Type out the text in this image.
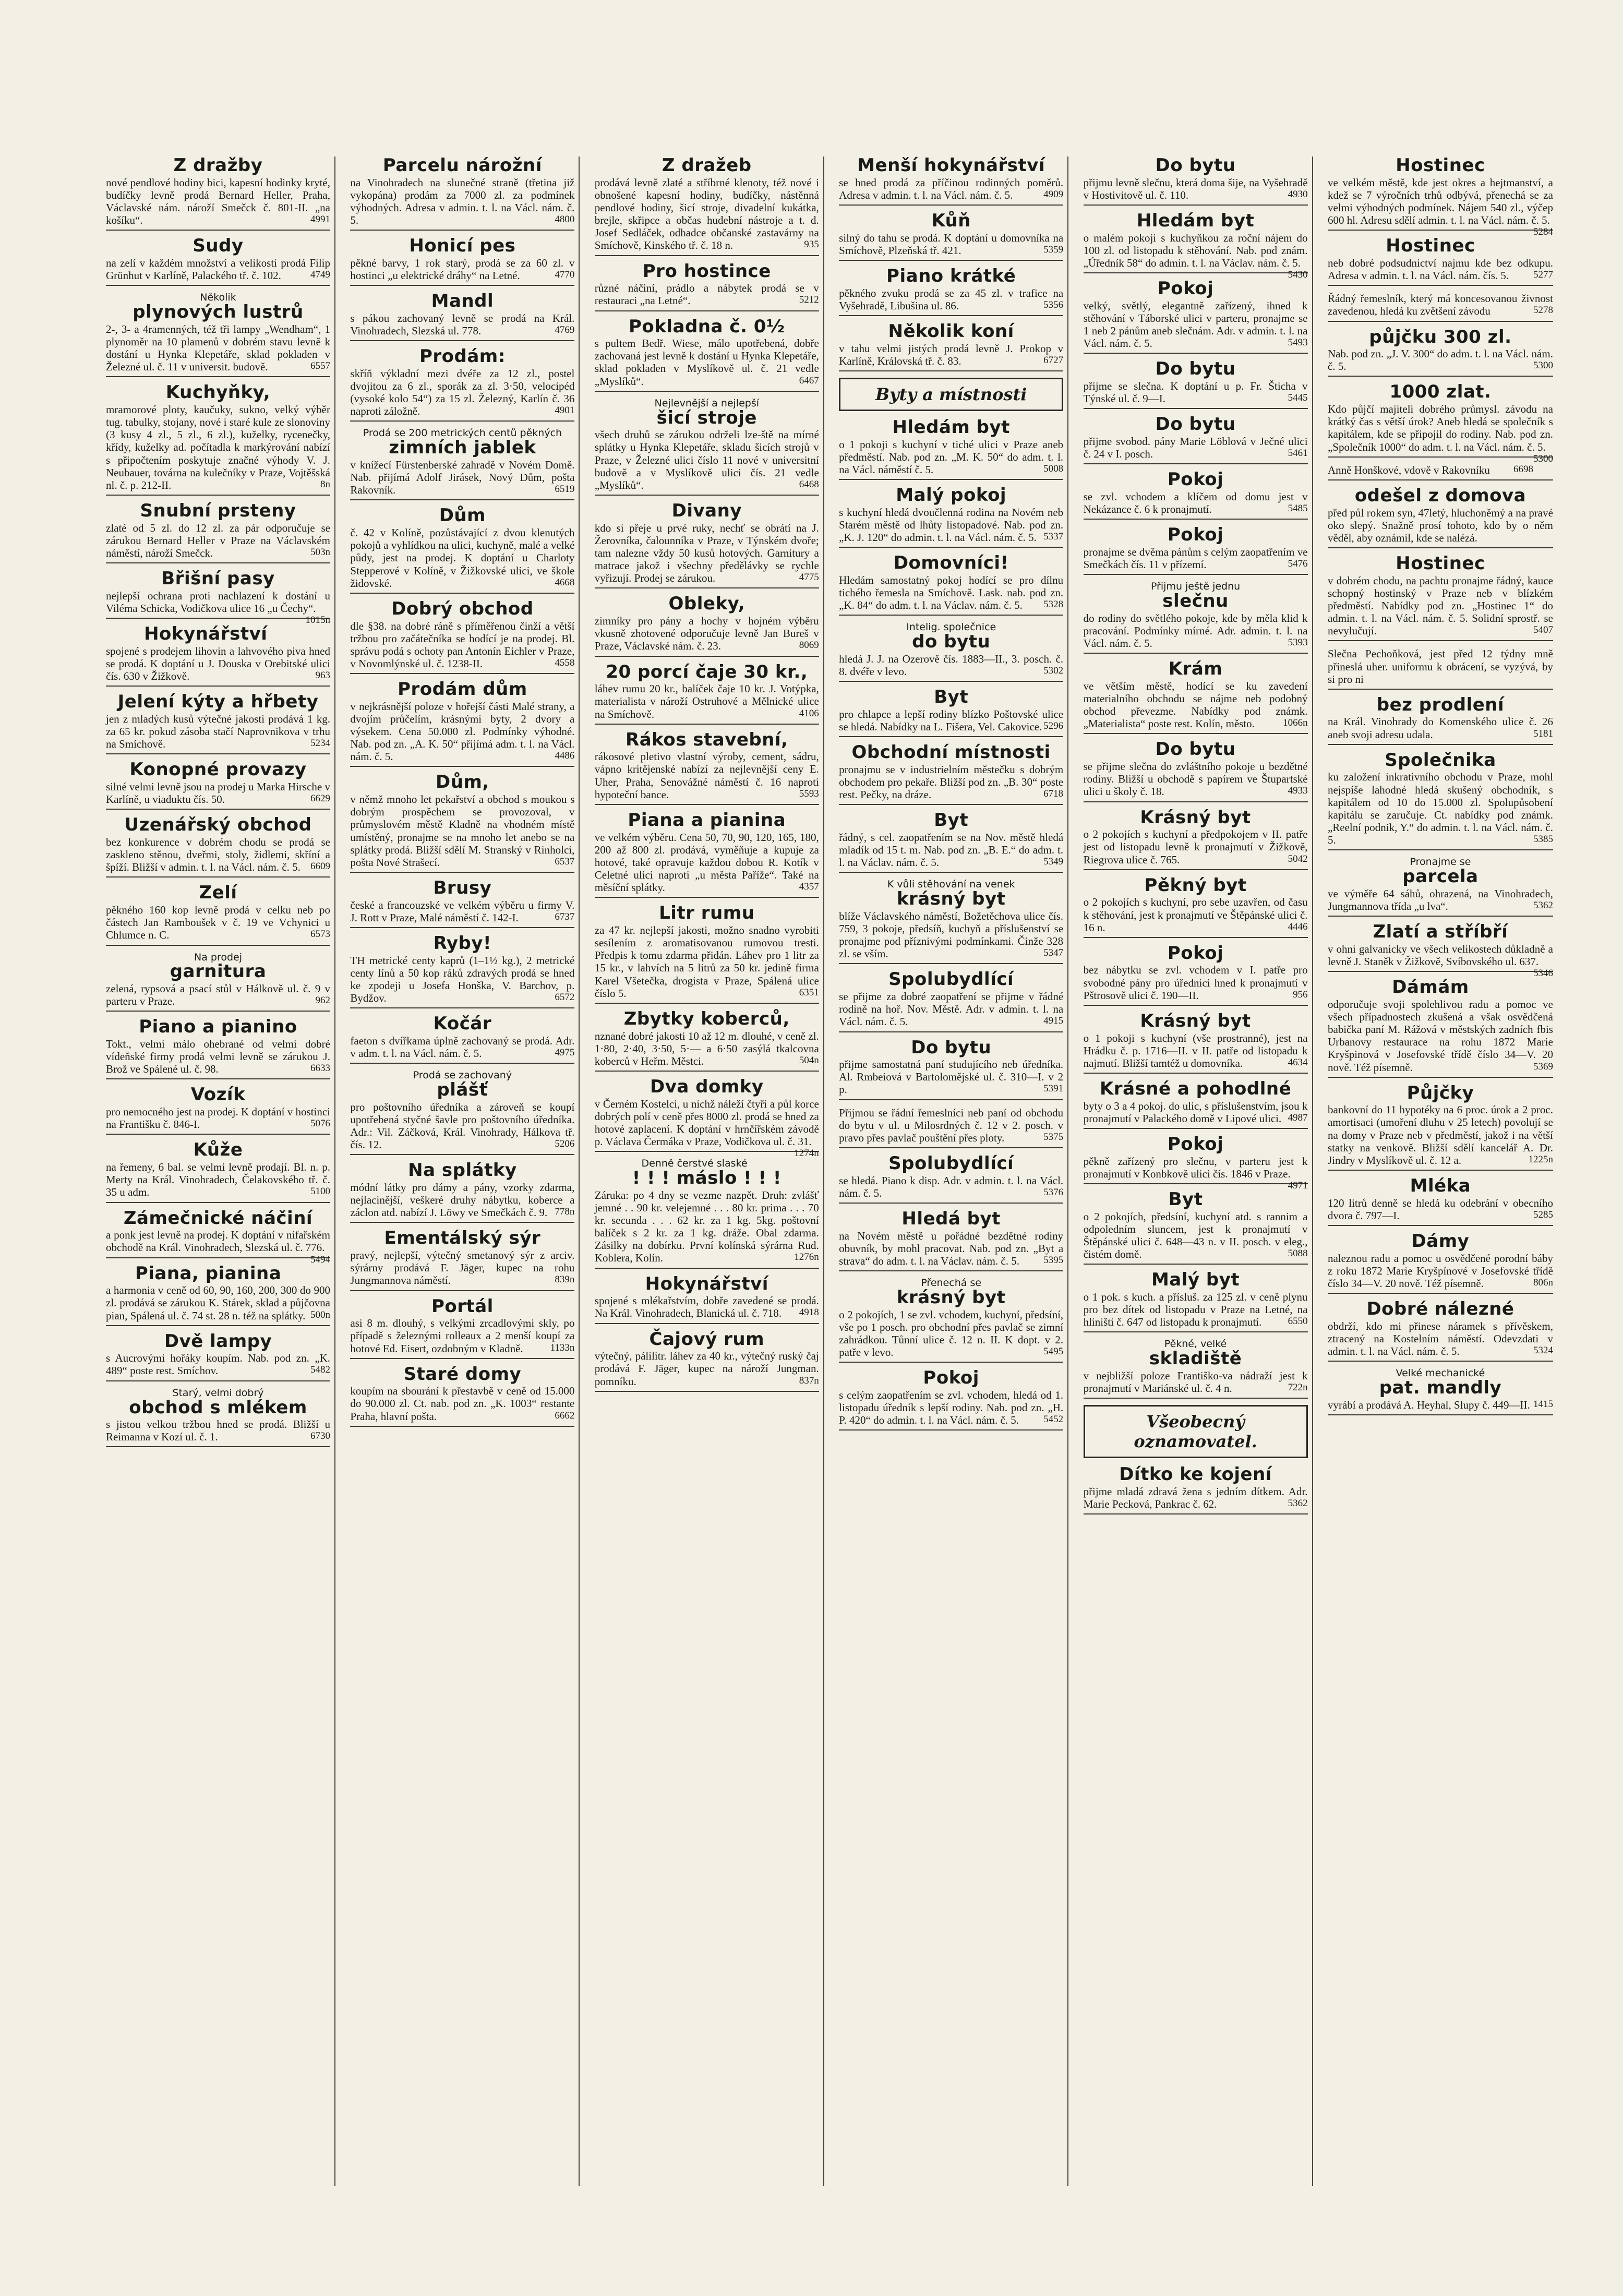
Z dražby

nové pendlové hodiny bici, kapesní hodinky kryté, budíčky levně prodá Bernard Heller, Praha, Václavské nám. nároží Smečck č. 801-II. „na košíku“.	4991

Sudy

na zelí v každém množství a velikosti prodá Filip Grünhut v Karlíně, Palackého tř. č. 102.	4749

Několik
plynových lustrů

2-, 3- a 4ramenných, též tři lampy „Wendham“, 1 plynoměr na 10 plamenů v dobrém stavu levně k dostání u Hynka Klepetáře, sklad pokladen v Železné ul. č. 11 v universit. budově.	6557

Kuchyňky,

mramorové ploty, kaučuky, sukno, velký výběr tug. tabulky, stojany, nové i staré kule ze slonoviny (3 kusy 4 zl., 5 zl., 6 zl.), kuželky, rycenečky, křídy, kuželky ad. počítadla k markýrování nabízí s připočtením poskytuje značné výhody V. J. Neubauer, továrna na kulečníky v Praze, Vojtěšská nl. č. p. 212-II.	8n

Snubní prsteny

zlaté od 5 zl. do 12 zl. za pár odporučuje se zárukou Bernard Heller v Praze na Václavském náměstí, nároží Smečck.	503n

Břišní pasy

nejlepší ochrana proti nachlazení k dostání u Viléma Schicka, Vodičkova ulice 16 „u Čechy“.
1015n

Hokynářství

spojené s prodejem lihovin a lahvového piva hned se prodá. K doptání u J. Douska v Orebitské ulici čís. 630 v Žižkově.	963

Jelení kýty a hřbety

jen z mladých kusů výtečné jakosti prodává 1 kg. za 65 kr. pokud zásoba stačí Naprovnikova v trhu na Smíchově.	5234

Konopné provazy

silné velmi levně jsou na prodej u Marka Hirsche v Karlíně, u viaduktu čís. 50.	6629

Uzenářský obchod

bez konkurence v dobrém chodu se prodá se zaskleno stěnou, dveřmi, stoly, židlemi, skříní a špíží. Bližší v admin. t. l. na Václ. nám. č. 5. 6609

Zelí

pěkného 160 kop levně prodá v celku neb po částech Jan Ramboušek v č. 19 ve Vchynici u Chlumce n. C.	6573

Na prodej
garnitura

zelená, rypsová a psací stůl v Hálkově ul. č. 9 v parteru v Praze.	962

Piano a pianino

Tokt., velmi málo ohebrané od velmi dobré vídeňské firmy prodá velmi levně se zárukou J. Brož ve Spálené ul. č. 98.	6633

Vozík

pro nemocného jest na prodej. K doptání v hostinci na Františku č. 846-I.	5076

Kůže

na řemeny, 6 bal. se velmi levně prodají. Bl. n. p. Merty na Král. Vinohradech, Čelakovského tř. č. 35 u adm.	5100

Zámečnické náčiní

a ponk jest levně na prodej. K doptání v nifařském obchodě na Král. Vinohradech, Slezská ul. č. 776.
5494

Piana, pianina

a harmonia v ceně od 60, 90, 160, 200, 300 do 900 zl. prodává se zárukou K. Stárek, sklad a půjčovna pian, Spálená ul. č. 74 st. 28 n. též na splátky. 500n

Dvě lampy

s Aucrovými hořáky koupím. Nab. pod zn. „K. 489“ poste rest. Smíchov.	5482

Starý, velmi dobrý
obchod s mlékem

s jistou velkou tržbou hned se prodá. Bližší u Reimanna v Kozí ul. č. 1.	6730

Parcelu nárožní

na Vinohradech na slunečné straně (třetina již vykopána) prodám za 7000 zl. za podmínek výhodných. Adresa v admin. t. l. na Václ. nám. č. 5.	4800

Honicí pes

pěkné barvy, 1 rok starý, prodá se za 60 zl. v hostinci „u elektrické dráhy“ na Letné.	4770

Mandl

s pákou zachovaný levně se prodá na Král. Vinohradech, Slezská ul. 778.	4769

Prodám:

skříň výkladní mezi dvéře za 12 zl., postel dvojitou za 6 zl., sporák za zl. 3·50, velocipéd (vysoké kolo 54“) za 15 zl. Železný, Karlín č. 36 naproti záložně.	4901

Prodá se 200 metrických centů pěkných
zimních jablek

v knížecí Fürstenberské zahradě v Novém Domě. Nab. přijímá Adolf Jirásek, Nový Dům, pošta Rakovník.	6519

Dům

č. 42 v Kolíně, pozůstávající z dvou klenutých pokojů a vyhlídkou na ulici, kuchyně, malé a velké půdy, jest na prodej. K doptání u Charloty Stepperové v Kolíně, v Žižkovské ulici, ve škole židovské.	4668

Dobrý obchod

dle §38. na dobré ráně s příměřenou činží a větší tržbou pro začátečníka se hodící je na prodej. Bl. správu podá s ochoty pan Antonín Eichler v Praze, v Novomlýnské ul. č. 1238-II.	4558

Prodám dům

v nejkrásnější poloze v hořejší části Malé strany, a dvojím průčelím, krásnými byty, 2 dvory a výsekem. Cena 50.000 zl. Podmínky výhodné. Nab. pod zn. „A. K. 50“ přijímá adm. t. l. na Václ. nám. č. 5.	4486

Dům,

v němž mnoho let pekařství a obchod s moukou s dobrým prospěchem se provozoval, v průmyslovém městě Kladně na vhodném místě umístěný, pronajme se na mnoho let anebo se na splátky prodá. Bližší sdělí M. Stranský v Rinholci, pošta Nové Strašecí.	6537

Brusy

české a francouzské ve velkém výběru u firmy V. J. Rott v Praze, Malé náměstí č. 142-I.	6737

Ryby!

TH metrické centy kaprů (1–1½ kg.), 2 metrické centy línů a 50 kop ráků zdravých prodá se hned ke zpodeji u Josefa Honška, V. Barchov, p. Bydžov.	6572

Kočár

faeton s dvířkama úplně zachovaný se prodá. Adr. v adm. t. l. na Václ. nám. č. 5.	4975

Prodá se zachovaný
plášť

pro poštovního úředníka a zároveň se koupí upotřebená styčné šavle pro poštovního úředníka. Adr.: Vil. Záčková, Král. Vinohrady, Hálkova tř. čís. 12.	5206

Na splátky

módní látky pro dámy a pány, vzorky zdarma, nejlacinější, veškeré druhy nábytku, koberce a záclon atd. nabízí J. Löwy ve Smečkách č. 9. 778n

Ementálský sýr

pravý, nejlepší, výtečný smetanový sýr z arciv. sýrárny prodává F. Jäger, kupec na rohu Jungmannova náměstí.	839n

Portál

asi 8 m. dlouhý, s velkými zrcadlovými skly, po případě s železnými rolleaux a 2 menší koupí za hotové Ed. Eisert, ozdobným v Kladně.	1133n

Staré domy

koupím na sbourání k přestavbě v ceně od 15.000 do 90.000 zl. Ct. nab. pod zn. „K. 1003“ restante Praha, hlavní pošta.	6662

Z dražeb

prodává levně zlaté a stříbrné klenoty, též nové i obnošené kapesní hodiny, budíčky, nástěnná pendlové hodiny, šicí stroje, divadelní kukátka, brejle, skřipce a občas hudební nástroje a t. d. Josef Sedláček, odhadce občanské zastavárny na Smíchově, Kinského tř. č. 18 n.	935

Pro hostince

různé náčiní, prádlo a nábytek prodá se v restauraci „na Letné“.	5212

Pokladna č. 0½

s pultem Bedř. Wiese, málo upotřebená, dobře zachovaná jest levně k dostání u Hynka Klepetáře, sklad pokladen v Myslíkově ul. č. 21 vedle „Myslíků“.	6467

Nejlevnější a nejlepší
šicí stroje

všech druhů se zárukou održeli lze-ště na mírné splátky u Hynka Klepetáře, skladu šicích strojů v Praze, v Železné ulici číslo 11 nové v universitní budově a v Myslíkově ulici čís. 21 vedle „Myslíků“.	6468

Divany

kdo si přeje u prvé ruky, nechť se obrátí na J. Žerovníka, čalounníka v Praze, v Týnském dvoře; tam nalezne vždy 50 kusů hotových. Garnitury a matrace jakož i všechny předělávky se rychle vyřizují. Prodej se zárukou.	4775

Obleky,

zimníky pro pány a hochy v hojném výběru vkusně zhotovené odporučuje levně Jan Bureš v Praze, Václavské nám. č. 23.	8069

20 porcí čaje 30 kr.,

láhev rumu 20 kr., balíček čaje 10 kr. J. Votýpka, materialista v nároží Ostruhové a Mělnické ulice na Smíchově.	4106

Rákos stavební,

rákosové pletivo vlastní výroby, cement, sádru, vápno kritějenské nabízí za nejlevnější ceny E. Uher, Praha, Senovážné náměstí č. 16 naproti hypoteční bance.	5593

Piana a pianina

ve velkém výběru. Cena 50, 70, 90, 120, 165, 180, 200 až 800 zl. prodává, vyměňuje a kupuje za hotové, také opravuje každou dobou R. Kotík v Celetné ulici naproti „u města Paříže“. Také na měsíční splátky.	4357

Litr rumu

za 47 kr. nejlepší jakosti, možno snadno vyrobiti sesílením z aromatisovanou rumovou tresti. Předpis k tomu zdarma přidán. Láhev pro 1 litr za 15 kr., v lahvích na 5 litrů za 50 kr. jedině firma Karel Všetečka, drogista v Praze, Spálená ulice číslo 5.	6351

Zbytky koberců,

nznané dobré jakosti 10 až 12 m. dlouhé, v ceně zl. 1·80, 2·40, 3·50, 5·— a 6·50 zasýlá tkalcovna koberců v Heřm. Městci.	504n

Dva domky

v Černém Kostelci, u nichž náleží čtyři a půl korce dobrých polí v ceně přes 8000 zl. prodá se hned za hotové zaplacení. K doptání v hrnčířském závodě p. Václava Čermáka v Praze, Vodičkova ul. č. 31.
1274n

Denně čerstvé slaské
! ! ! máslo ! ! !

Záruka: po 4 dny se vezme nazpět. Druh: zvlášť jemné . . 90 kr. velejemné . . . 80 kr. prima . . . 70 kr. secunda . . . 62 kr. za 1 kg. 5kg. poštovní balíček s 2 kr. za 1 kg. dráže. Obal zdarma. Zásilky na dobírku. První kolínská sýrárna Rud. Koblera, Kolín.	1276n

Hokynářství

spojené s mlékařstvím, dobře zavedené se prodá. Na Král. Vinohradech, Blanická ul. č. 718. 4918

Čajový rum

výtečný, pálilitr. láhev za 40 kr., výtečný ruský čaj prodává F. Jäger, kupec na nároží Jungman. pomníku.	837n

Menší hokynářství

se hned prodá za příčinou rodinných poměrů. Adresa v admin. t. l. na Václ. nám. č. 5.	4909

Kůň

silný do tahu se prodá. K doptání u domovníka na Smíchově, Plzeňská tř. 421.	5359

Piano krátké

pěkného zvuku prodá se za 45 zl. v trafice na Vyšehradě, Libušina ul. 86.	5356

Několik koní

v tahu velmi jistých prodá levně J. Prokop v Karlíně, Královská tř. č. 83.	6727

Byty a místnosti
Hledám byt

o 1 pokoji s kuchyní v tiché ulici v Praze aneb předměstí. Nab. pod zn. „M. K. 50“ do adm. t. l. na Václ. náměstí č. 5.	5008

Malý pokoj

s kuchyní hledá dvoučlenná rodina na Novém neb Starém městě od lhůty listopadové. Nab. pod zn. „K. J. 120“ do admin. t. l. na Václ. nám. č. 5. 5337

Domovníci!

Hledám samostatný pokoj hodící se pro dílnu tichého řemesla na Smíchově. Lask. nab. pod zn. „K. 84“ do adm. t. l. na Václav. nám. č. 5. 5328

Intelig. společnice
do bytu

hledá J. J. na Ozerově čís. 1883—II., 3. posch. č. 8. dvéře v levo.	5302

Byt

pro chlapce a lepší rodiny blízko Poštovské ulice se hledá. Nabídky na L. Fišera, Vel. Cakovice. 5296

Obchodní místnosti

pronajmu se v industrielním městečku s dobrým obchodem pro pekaře. Bližší pod zn. „B. 30“ poste rest. Pečky, na dráze.	6718

Byt

řádný, s cel. zaopatřením se na Nov. městě hledá mladík od 15 t. m. Nab. pod zn. „B. E.“ do adm. t. l. na Václav. nám. č. 5.	5349

K vůli stěhování na venek
krásný byt

blíže Václavského náměstí, Božetěchova ulice čís. 759, 3 pokoje, předsíň, kuchyň a příslušenství se pronajme pod příznivými podmínkami. Činže 328 zl. se vším.	5347

Spolubydlící

se přijme za dobré zaopatření se přijme v řádné rodině na hoř. Nov. Městě. Adr. v admin. t. l. na Václ. nám. č. 5.	4915

Do bytu

přijme samostatná paní studujícího neb úředníka. Al. Rmbeiová v Bartolomějské ul. č. 310—I. v 2 p.	5391

Přijmou se řádní řemeslníci neb paní od obchodu do bytu v ul. u Milosrdných č. 12 v 2. posch. v pravo přes pavlač pouštění přes ploty.	5375

Spolubydlící

se hledá. Piano k disp. Adr. v admin. t. l. na Václ. nám. č. 5.	5376

Hledá byt

na Novém městě u pořádné bezdětné rodiny obuvník, by mohl pracovat. Nab. pod zn. „Byt a strava“ do adm. t. l. na Václav. nám. č. 5. 5395

Přenechá se
krásný byt

o 2 pokojích, 1 se zvl. vchodem, kuchyní, předsíní, vše po 1 posch. pro obchodní přes pavlač se zimní zahrádkou. Tůnní ulice č. 12 n. II. K dopt. v 2. patře v levo.	5495

Pokoj

s celým zaopatřením se zvl. vchodem, hledá od 1. listopadu úředník s lepší rodiny. Nab. pod zn. „H. P. 420“ do admin. t. l. na Václ. nám. č. 5. 5452

Do bytu

přijmu levně slečnu, která doma šije, na Vyšehradě v Hostivitově ul. č. 110.	4930

Hledám byt

o malém pokoji s kuchyňkou za roční nájem do 100 zl. od listopadu k stěhování. Nab. pod znám. „Úředník 58“ do admin. t. l. na Václav. nám. č. 5.
5430

Pokoj

velký, světlý, elegantně zařízený, ihned k stěhování v Táborské ulici v parteru, pronajme se 1 neb 2 pánům aneb slečnám. Adr. v admin. t. l. na Václ. nám. č. 5.	5493

Do bytu

přijme se slečna. K doptání u p. Fr. Šticha v Týnské ul. č. 9—I.	5445

Do bytu

přijme svobod. pány Marie Löblová v Ječné ulici č. 24 v I. posch.	5461

Pokoj

se zvl. vchodem a klíčem od domu jest v Nekázance č. 6 k pronajmutí.	5485

Pokoj

pronajme se dvěma pánům s celým zaopatřením ve Smečkách čís. 11 v přízemí.	5476

Přijmu ještě jednu
slečnu

do rodiny do světlého pokoje, kde by měla klid k pracování. Podmínky mírné. Adr. admin. t. l. na Václ. nám. č. 5.	5393

Krám

ve větším městě, hodící se ku zavedení materialního obchodu se nájme neb podobný obchod převezme. Nabídky pod známk. „Materialista“ poste rest. Kolín, město.	1066n

Do bytu

se přijme slečna do zvláštního pokoje u bezdětné rodiny. Bližší u obchodě s papírem ve Štupartské ulici u školy č. 18.	4933

Krásný byt

o 2 pokojích s kuchyní a předpokojem v II. patře jest od listopadu levně k pronajmutí v Žižkově, Riegrova ulice č. 765.	5042

Pěkný byt

o 2 pokojích s kuchyní, pro sebe uzavřen, od času k stěhování, jest k pronajmutí ve Štěpánské ulici č. 16 n.	4446

Pokoj

bez nábytku se zvl. vchodem v I. patře pro svobodné pány pro úřednici hned k pronajmutí v Pštrosově ulici č. 190—II.	956

Krásný byt

o 1 pokoji s kuchyní (vše prostranné), jest na Hrádku č. p. 1716—II. v II. patře od listopadu k najmutí. Bližší tamtéž u domovníka.	4634

Krásné a pohodlné

byty o 3 a 4 pokoj. do ulic, s příslušenstvím, jsou k pronajmutí v Palackého domě v Lipové ulici. 4987

Pokoj

pěkně zařízený pro slečnu, v parteru jest k pronajmutí v Konbkově ulici čís. 1846 v Praze.
4971

Byt

o 2 pokojích, předsíní, kuchyní atd. s rannim a odpoledním sluncem, jest k pronajmutí v Štěpánské ulici č. 648—43 n. v II. posch. v eleg., čistém domě.	5088

Malý byt

o 1 pok. s kuch. a přísluš. za 125 zl. v ceně plynu pro bez dítek od listopadu v Praze na Letné, na hliništi č. 647 od listopadu k pronajmutí.	6550

Pěkné, velké
skladiště

v nejbližší poloze Františko-va nádraží jest k pronajmutí v Mariánské ul. č. 4 n.	722n

Všeobecný oznamovatel.
Dítko ke kojení

přijme mladá zdravá žena s jedním dítkem. Adr. Marie Pecková, Pankrac č. 62.	5362

Hostinec

ve velkém městě, kde jest okres a hejtmanství, a kdež se 7 výročních trhů odbývá, přenechá se za velmi výhodných podmínek. Nájem 540 zl., výčep 600 hl. Adresu sdělí admin. t. l. na Václ. nám. č. 5.
5284

Hostinec

neb dobré podsudnictví najmu kde bez odkupu. Adresa v admin. t. l. na Václ. nám. čís. 5. 5277

Řádný řemeslník, který má koncesovanou živnost zavedenou, hledá ku zvětšení závodu	5278

půjčku 300 zl.

Nab. pod zn. „J. V. 300“ do adm. t. l. na Václ. nám. č. 5.	5300

1000 zlat.

Kdo půjčí majiteli dobrého průmysl. závodu na krátký čas s větší úrok? Aneb hledá se společník s kapitálem, kde se připojil do rodiny. Nab. pod zn. „Společník 1000“ do adm. t. l. na Václ. nám. č. 5.
5300

Anně Honškové, vdově v Rakovníku 6698

odešel z domova

před půl rokem syn, 47letý, hluchoněmý a na pravé oko slepý. Snažně prosí tohoto, kdo by o něm věděl, aby oznámil, kde se nalézá.

Hostinec

v dobrém chodu, na pachtu pronajme řádný, kauce schopný hostinský v Praze neb v blízkém předměstí. Nabídky pod zn. „Hostinec 1“ do admin. t. l. na Václ. nám. č. 5. Solidní sprostř. se nevylučují.	5407

Slečna Pechoňková, jest před 12 týdny mně přineslá uher. uniformu k obrácení, se vyzývá, by si pro ni

bez prodlení

na Král. Vinohrady do Komenského ulice č. 26 aneb svoji adresu udala.	5181

Společnika

ku založení inkrativního obchodu v Praze, mohl nejspíše lahodné hledá skušený obchodník, s kapitálem od 10 do 15.000 zl. Spolupůsobení kapitálu se zaručuje. Ct. nabídky pod známk. „Reelní podnik, Y.“ do admin. t. l. na Václ. nám. č. 5.	5385

Pronajme se
parcela

ve výměře 64 sáhů, ohrazená, na Vinohradech, Jungmannova třída „u lva“.	5362

Zlatí a stříbří

v ohni galvanicky ve všech velikostech důkladně a levně J. Staněk v Žižkově, Svíbovského ul. 637.
5346

Dámám

odporučuje svoji spolehlivou radu a pomoc ve všech případnostech zkušená a však osvědčená babička paní M. Rážová v městských zadních fbis Urbanovy restaurace na rohu 1872 Marie Kryšpinová v Josefovské třídě číslo 34—V. 20 nově. Též písemně.	5369

Půjčky

bankovní do 11 hypotéky na 6 proc. úrok a 2 proc. amortisaci (umoření dluhu v 25 letech) povolují se na domy v Praze neb v předměstí, jakož i na větší statky na venkově. Bližší sdělí kancelář A. Dr. Jindry v Myslíkově ul. č. 12 a.	1225n

Mléka

120 litrů denně se hledá ku odebrání v obecního dvora č. 797—I.	5285

Dámy

naleznou radu a pomoc u osvědčené porodní báby z roku 1872 Marie Kryšpínové v Josefovské třídě číslo 34—V. 20 nově. Též písemně.	806n

Dobré nálezné

obdrží, kdo mi přinese náramek s přívěskem, ztracený na Kostelním náměstí. Odevzdati v admin. t. l. na Václ. nám. č. 5.	5324

Velké mechanické
pat. mandly

vyrábí a prodává A. Heyhal, Slupy č. 449—II. 1415
